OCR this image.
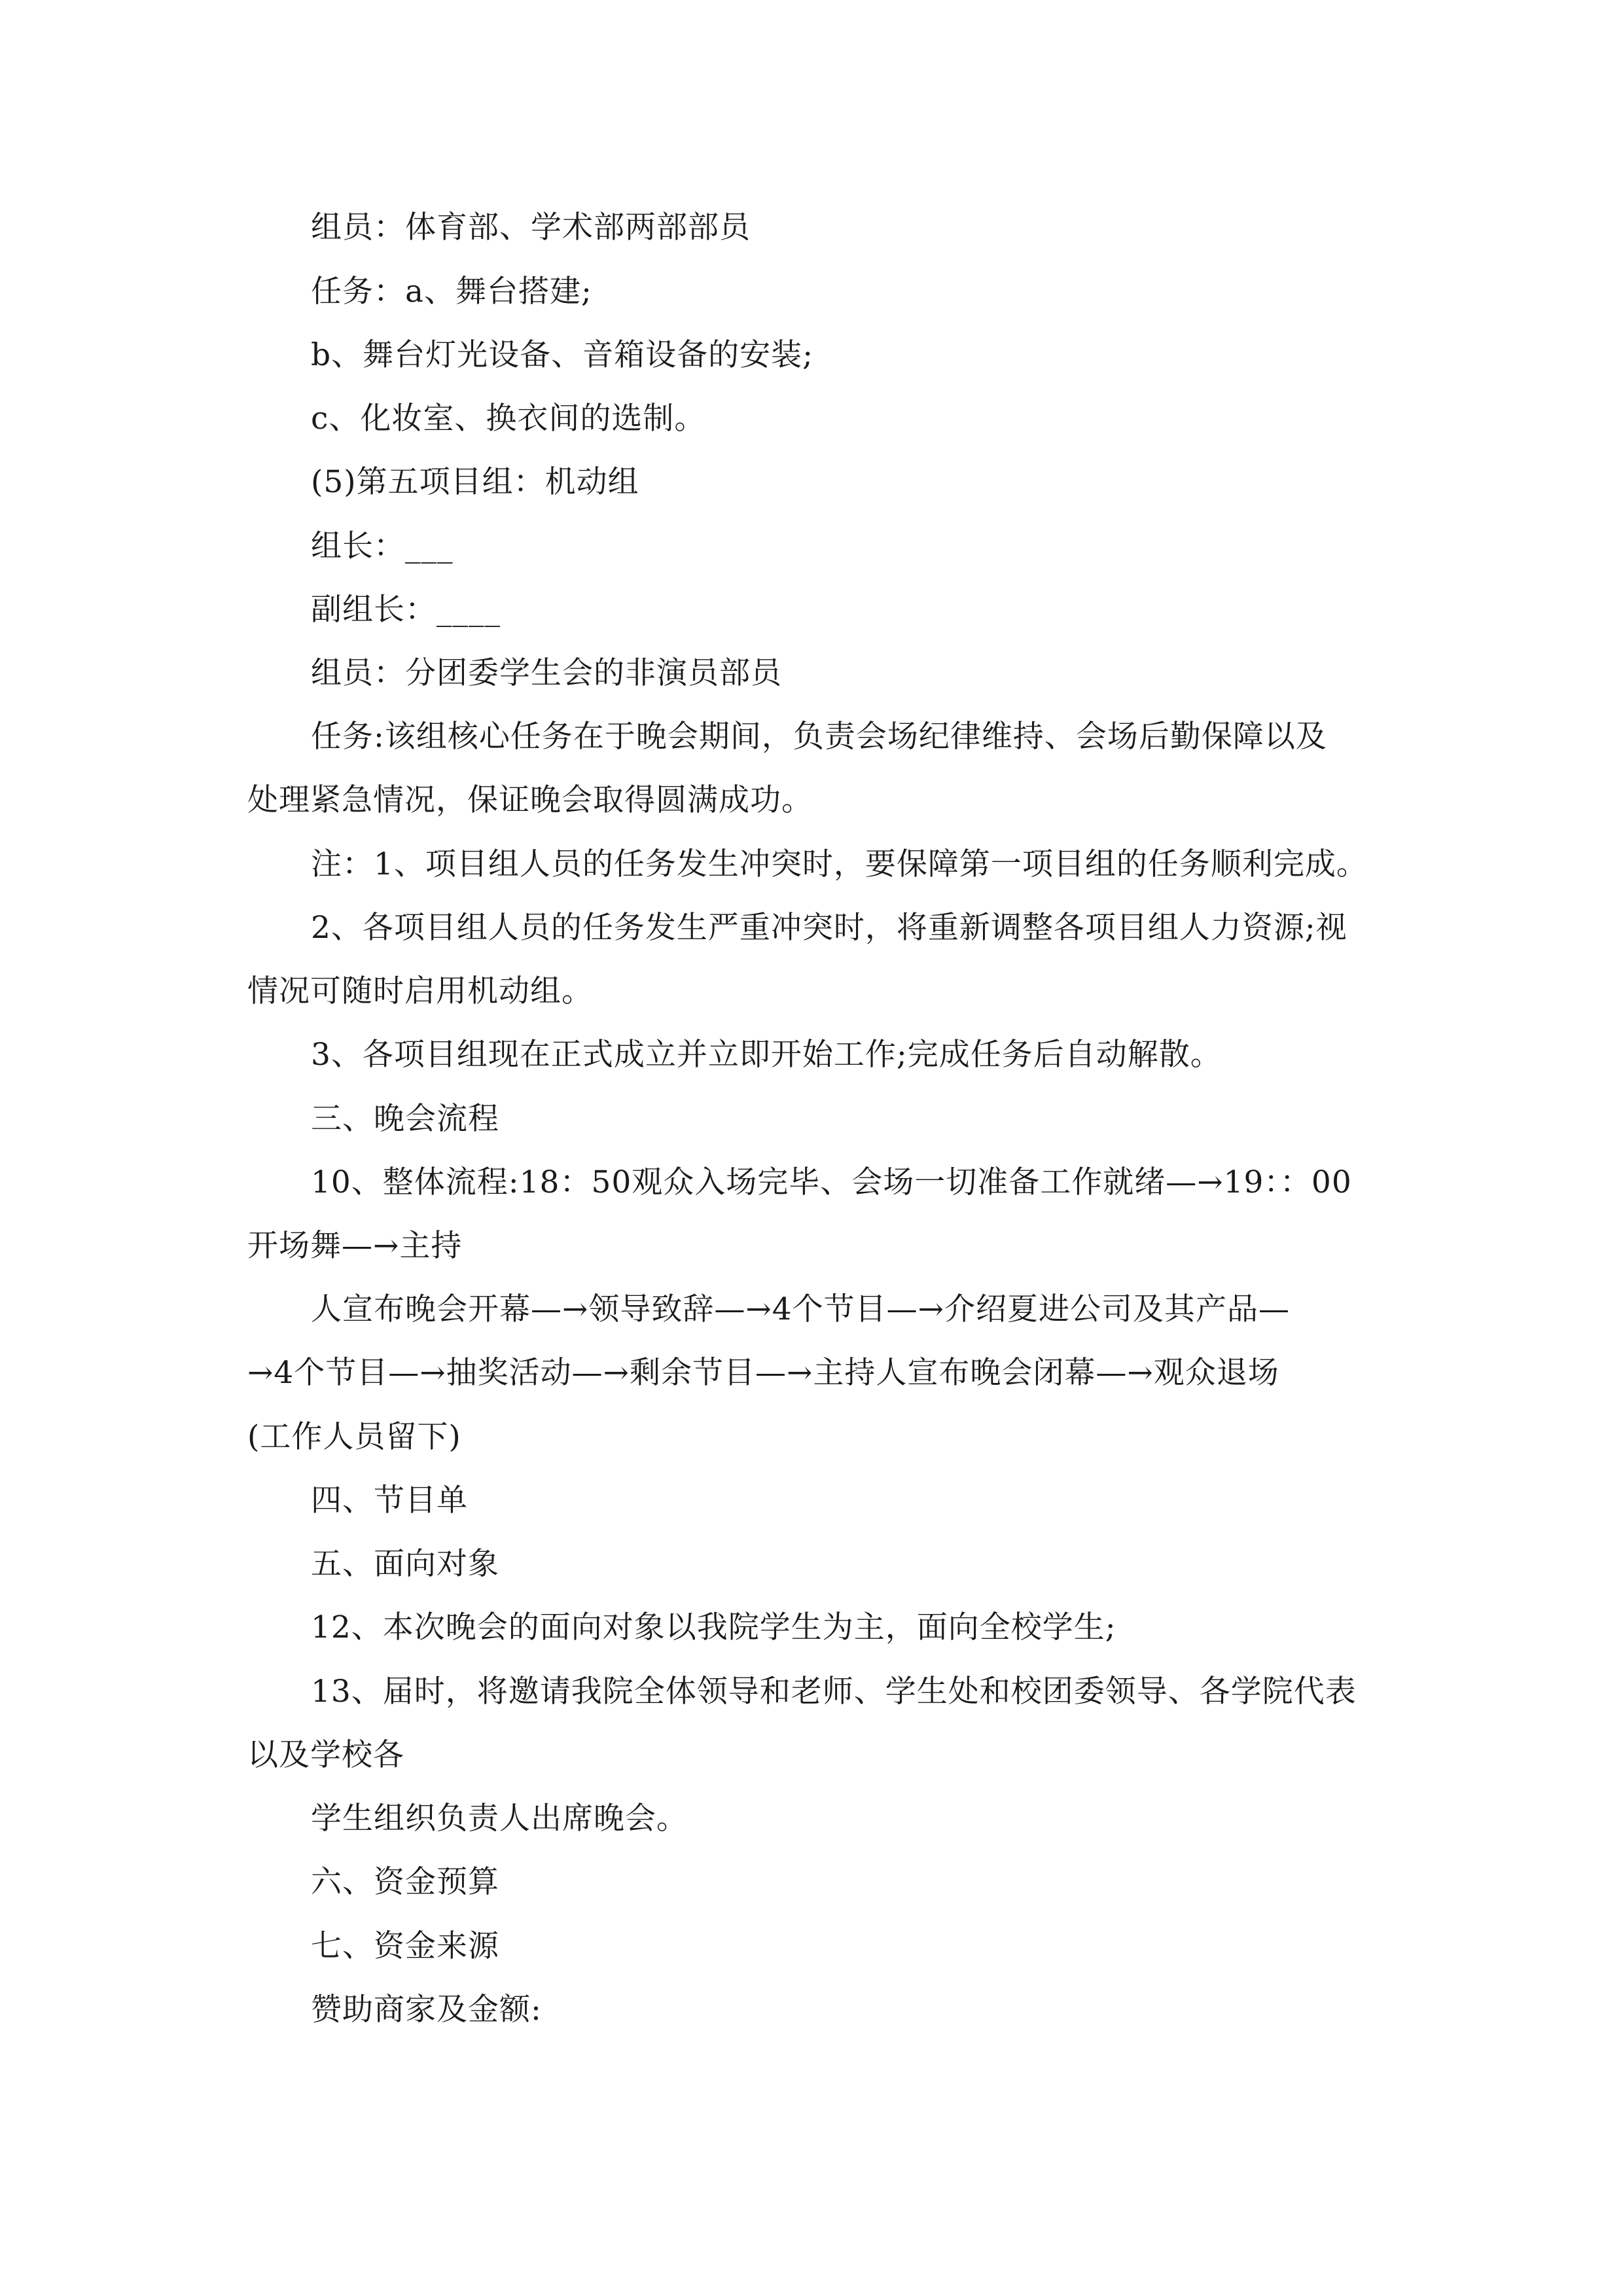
组员：体育部、学术部两部部员
任务：a、舞台搭建;
b、舞台灯光设备、音箱设备的安装;
c、化妆室、换衣间的选制。
(5)第五项目组：机动组
组长：___
副组长：____
组员：分团委学生会的非演员部员
任务:该组核心任务在于晚会期间，负责会场纪律维持、会场后勤保障以及
处理紧急情况，保证晚会取得圆满成功。
注：1、项目组人员的任务发生冲突时，要保障第一项目组的任务顺利完成。
2、各项目组人员的任务发生严重冲突时，将重新调整各项目组人力资源;视
情况可随时启用机动组。
3、各项目组现在正式成立并立即开始工作;完成任务后自动解散。
三、晚会流程
10、整体流程:18：50观众入场完毕、会场一切准备工作就绪—→19：：00
开场舞—→主持
人宣布晚会开幕—→领导致辞—→4个节目—→介绍夏进公司及其产品—
→4个节目—→抽奖活动—→剩余节目—→主持人宣布晚会闭幕—→观众退场
(工作人员留下)
四、节目单
五、面向对象
12、本次晚会的面向对象以我院学生为主，面向全校学生;
13、届时，将邀请我院全体领导和老师、学生处和校团委领导、各学院代表
以及学校各
学生组织负责人出席晚会。
六、资金预算
七、资金来源
赞助商家及金额:
